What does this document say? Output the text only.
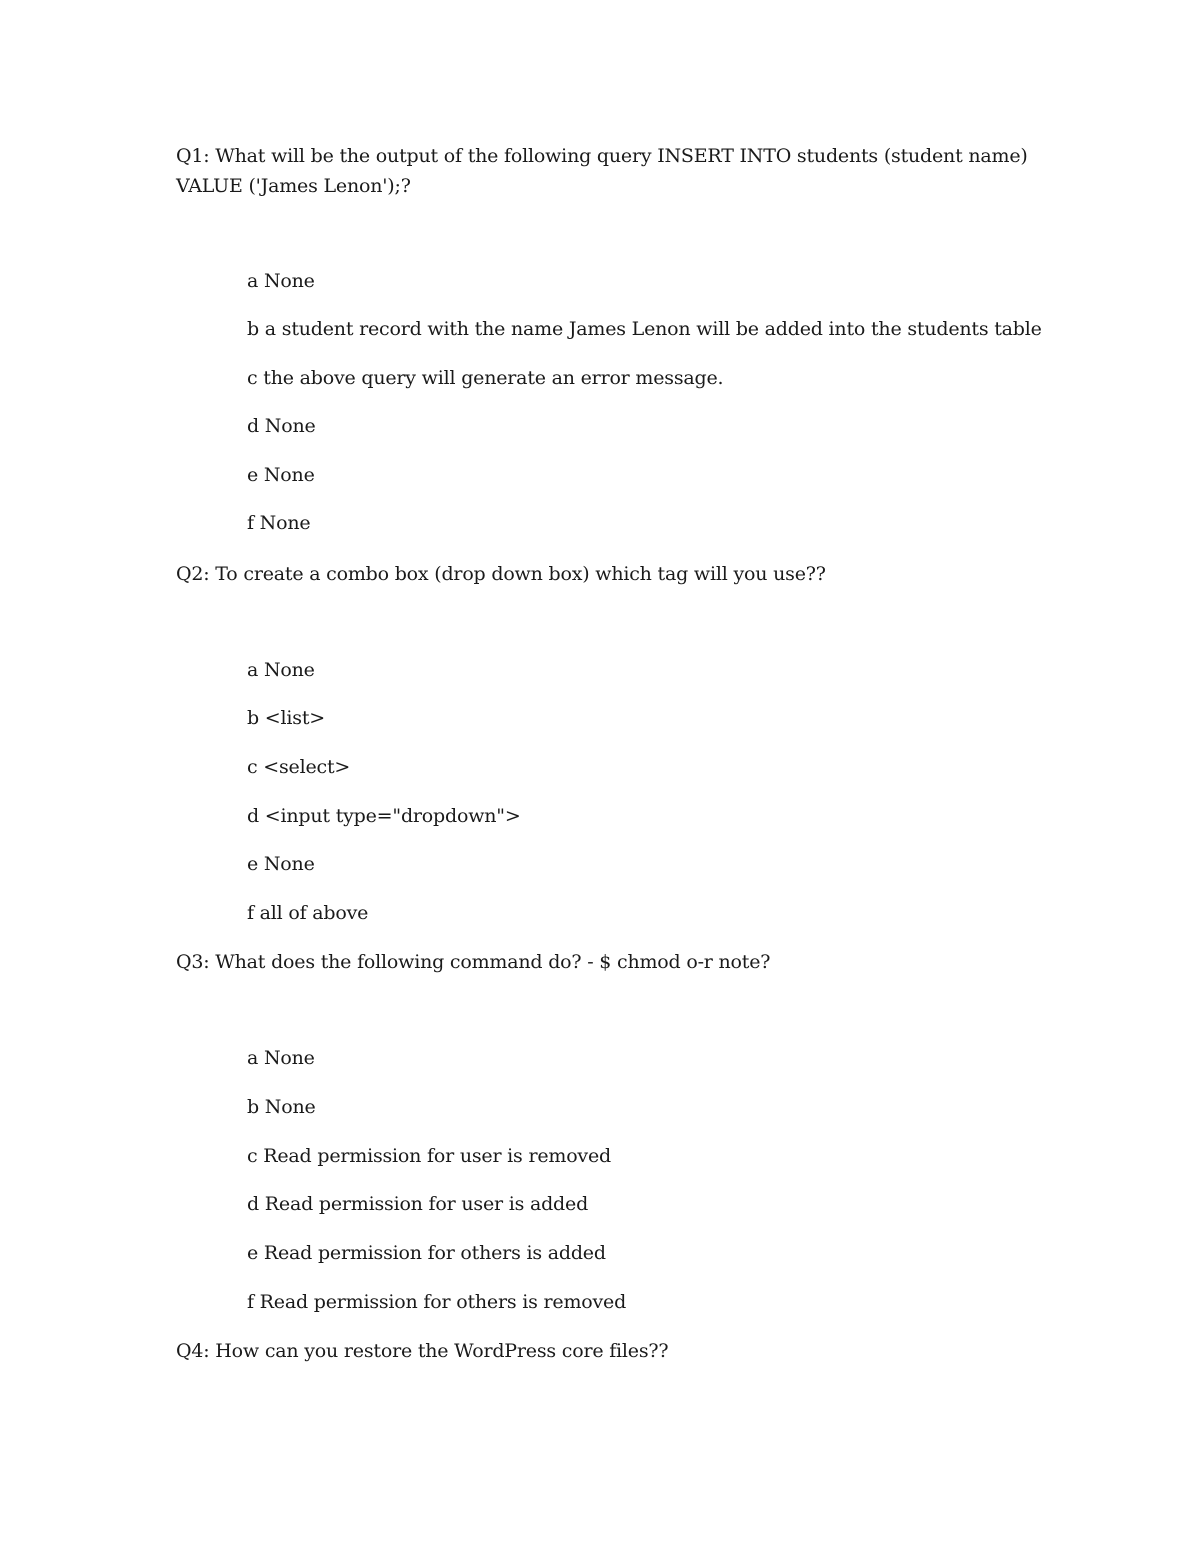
Q1: What will be the output of the following query INSERT INTO students (student name)
VALUE ('James Lenon');?
a None
b a student record with the name James Lenon will be added into the students table
c the above query will generate an error message.
d None
e None
f None
Q2: To create a combo box (drop down box) which tag will you use??
a None
b <list>
c <select>
d <input type="dropdown">
e None
f all of above
Q3: What does the following command do? - $ chmod o-r note?
a None
b None
c Read permission for user is removed
d Read permission for user is added
e Read permission for others is added
f Read permission for others is removed
Q4: How can you restore the WordPress core files??
